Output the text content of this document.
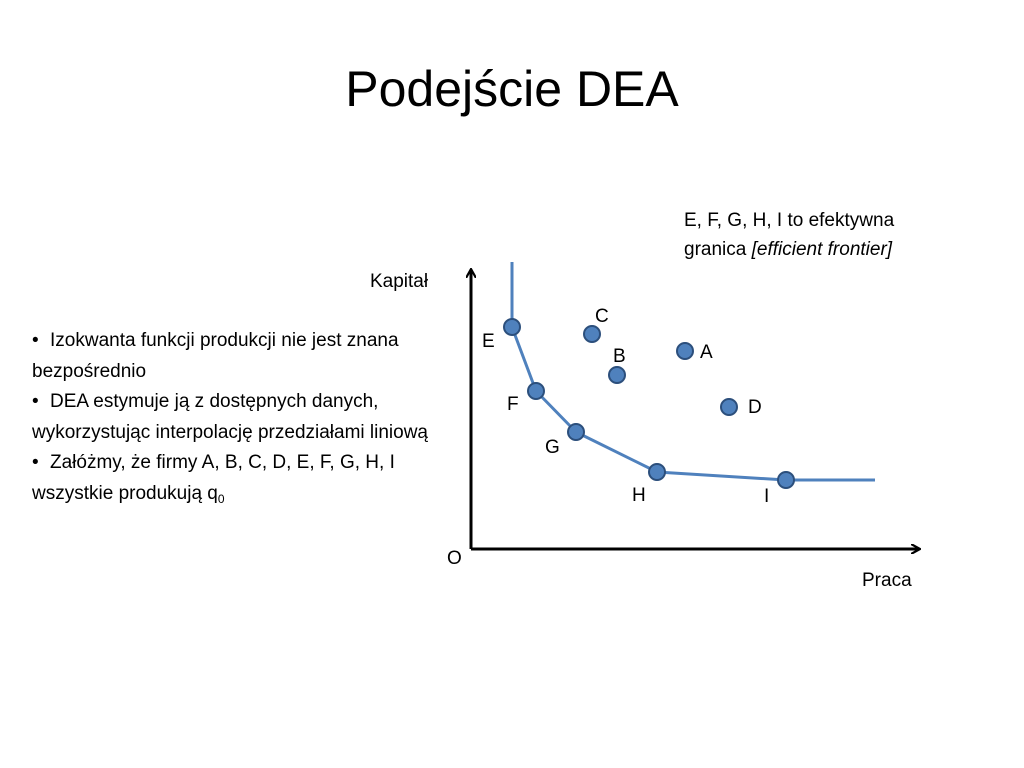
Podejście DEA
E, F, G, H, I to efektywna
granica [efficient frontier]

• Izokwanta funkcji produkcji nie jest znana bezpośrednio

• DEA estymuje ją z dostępnych danych, wykorzystując interpolację przedziałami liniową

• Załóżmy, że firmy A, B, C, D, E, F, G, H, I wszystkie produkują $q_0$

Kapitał
Praca
O
E
F
G
H	I
C
B	A
D
